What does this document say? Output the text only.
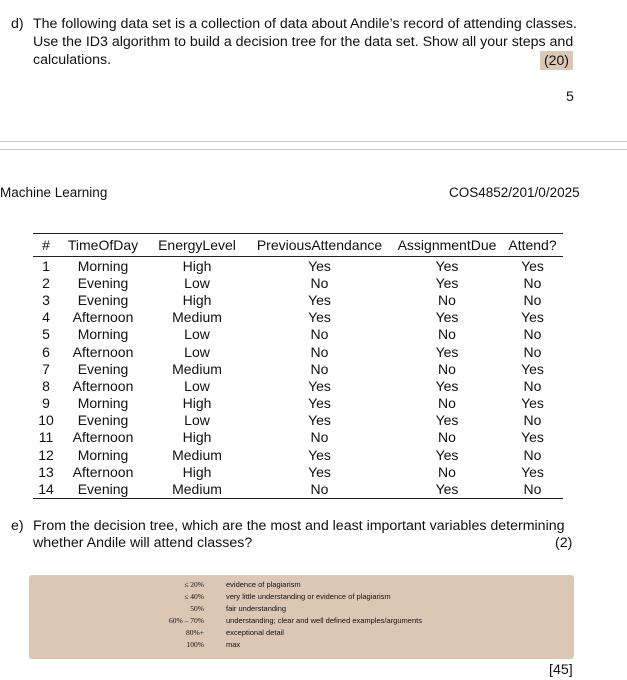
d) The following data set is a collection of data about Andile’s record of attending classes.
Use the ID3 algorithm to build a decision tree for the data set. Show all your steps and
calculations.	(20)
5
Machine Learning	COS4852/201/0/2025
#	TimeOfDay	EnergyLevel	PreviousAttendance	AssignmentDue	Attend?
1	Morning	High	Yes	Yes	Yes
2	Evening	Low	No	Yes	No
3	Evening	High	Yes	No	No
4	Afternoon	Medium	Yes	Yes	Yes
5	Morning	Low	No	No	No
6	Afternoon	Low	No	Yes	No
7	Evening	Medium	No	No	Yes
8	Afternoon	Low	Yes	Yes	No
9	Morning	High	Yes	No	Yes
10	Evening	Low	Yes	Yes	No
11	Afternoon	High	No	No	Yes
12	Morning	Medium	Yes	Yes	No
13	Afternoon	High	Yes	No	Yes
14	Evening	Medium	No	Yes	No
e) From the decision tree, which are the most and least important variables determining
whether Andile will attend classes?	(2)
≤ 20%	evidence of plagiarism
≤ 40%	very little understanding or evidence of plagiarism
50%	fair understanding
60% – 70%	understanding; clear and well defined examples/arguments
80%+	exceptional detail
100%	max
[45]
